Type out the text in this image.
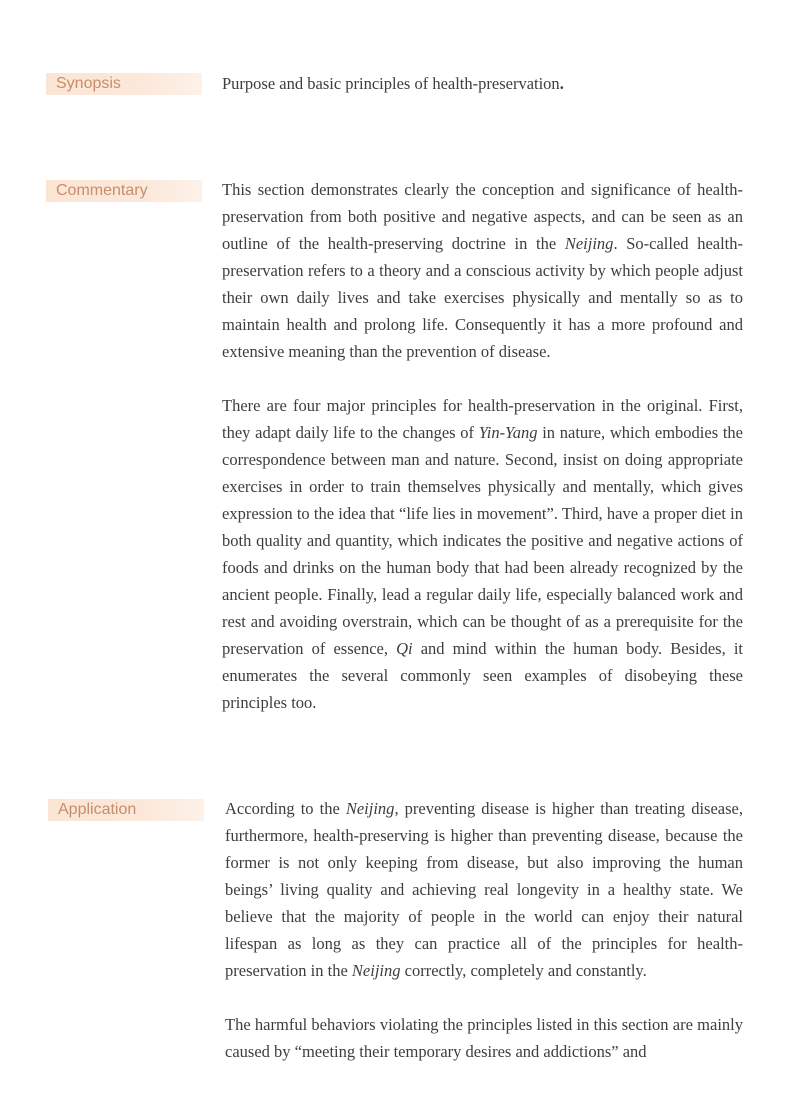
Synopsis	Purpose and basic principles of health-preservation.
Commentary	This section demonstrates clearly the conception and significance of health-preservation from both positive and negative aspects, and can be seen as an outline of the health-preserving doctrine in the Neijing. So-called health-preservation refers to a theory and a conscious activity by which people adjust their own daily lives and take exercises physically and mentally so as to maintain health and prolong life. Consequently it has a more profound and extensive meaning than the prevention of disease.

There are four major principles for health-preservation in the original. First, they adapt daily life to the changes of Yin-Yang in nature, which embodies the correspondence between man and nature. Second, insist on doing appropriate exercises in order to train themselves physically and mentally, which gives expression to the idea that “life lies in movement”. Third, have a proper diet in both quality and quantity, which indicates the positive and negative actions of foods and drinks on the human body that had been already recognized by the ancient people. Finally, lead a regular daily life, especially balanced work and rest and avoiding overstrain, which can be thought of as a prerequisite for the preservation of essence, Qi and mind within the human body. Besides, it enumerates the several commonly seen examples of disobeying these principles too.

Application	According to the Neijing, preventing disease is higher than treating disease, furthermore, health-preserving is higher than preventing disease, because the former is not only keeping from disease, but also improving the human beings’ living quality and achieving real longevity in a healthy state. We believe that the majority of people in the world can enjoy their natural lifespan as long as they can practice all of the principles for health-preservation in the Neijing correctly, completely and constantly.

The harmful behaviors violating the principles listed in this section are mainly caused by “meeting their temporary desires and addictions” and
